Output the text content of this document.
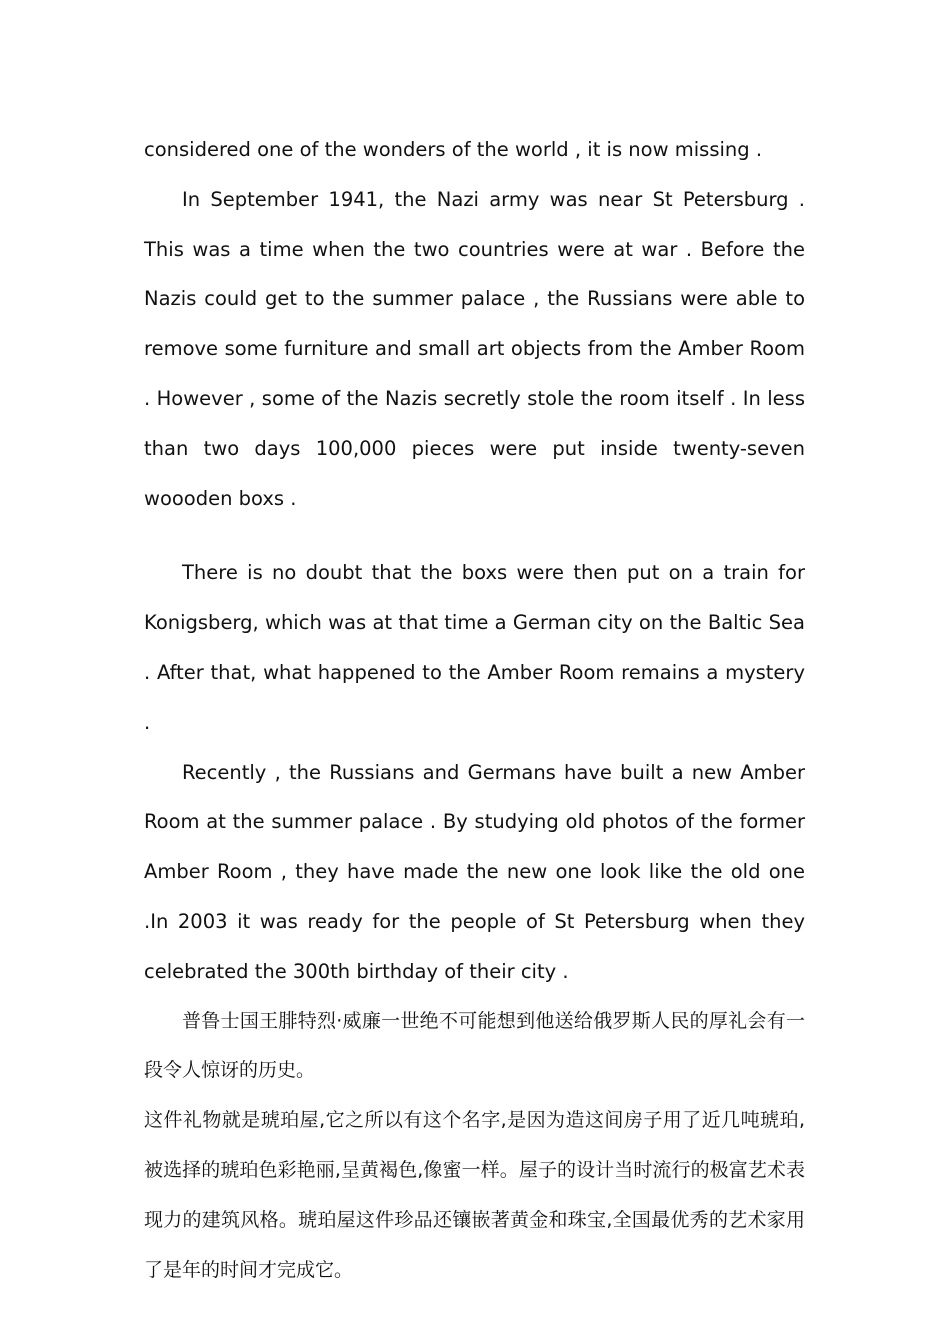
considered one of the wonders of the world , it is now missing .

In September 1941, the Nazi army was near St Petersburg . This was a time when the two countries were at war . Before the Nazis could get to the summer palace , the Russians were able to remove some furniture and small art objects from the Amber Room . However , some of the Nazis secretly stole the room itself . In less than two days 100,000 pieces were put inside twenty-seven woooden boxs .

There is no doubt that the boxs were then put on a train for Konigsberg, which was at that time a German city on the Baltic Sea . After that, what happened to the Amber Room remains a mystery .

Recently , the Russians and Germans have built a new Amber Room at the summer palace . By studying old photos of the former Amber Room , they have made the new one look like the old one .In 2003 it was ready for the people of St Petersburg when they celebrated the 300th birthday of their city .

普鲁士国王腓特烈·威廉一世绝不可能想到他送给俄罗斯人民的厚礼会有一段令人惊讶的历史。

这件礼物就是琥珀屋,它之所以有这个名字,是因为造这间房子用了近几吨琥珀,被选择的琥珀色彩艳丽,呈黄褐色,像蜜一样。屋子的设计当时流行的极富艺术表现力的建筑风格。琥珀屋这件珍品还镶嵌著黄金和珠宝,全国最优秀的艺术家用了是年的时间才完成它。
